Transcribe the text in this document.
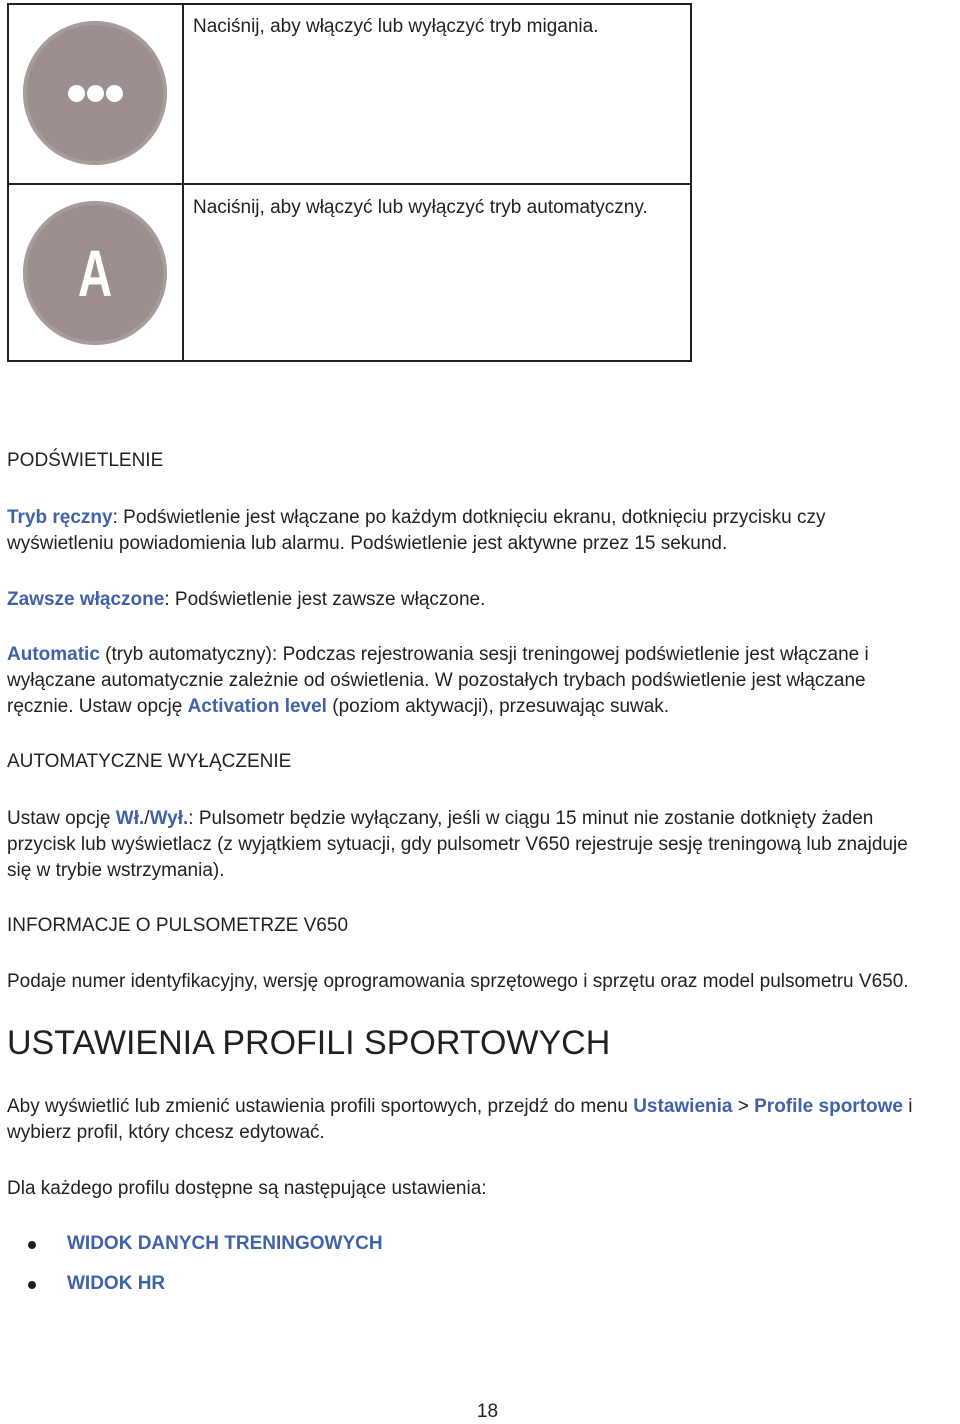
Naciśnij, aby włączyć lub wyłączyć tryb migania.
A
Naciśnij, aby włączyć lub wyłączyć tryb automatyczny.
PODŚWIETLENIE
Tryb ręczny: Podświetlenie jest włączane po każdym dotknięciu ekranu, dotknięciu przycisku czy
wyświetleniu powiadomienia lub alarmu. Podświetlenie jest aktywne przez 15 sekund.
Zawsze włączone: Podświetlenie jest zawsze włączone.
Automatic (tryb automatyczny): Podczas rejestrowania sesji treningowej podświetlenie jest włączane i
wyłączane automatycznie zależnie od oświetlenia. W pozostałych trybach podświetlenie jest włączane
ręcznie. Ustaw opcję Activation level (poziom aktywacji), przesuwając suwak.
AUTOMATYCZNE WYŁĄCZENIE
Ustaw opcję Wł./Wył.: Pulsometr będzie wyłączany, jeśli w ciągu 15 minut nie zostanie dotknięty żaden
przycisk lub wyświetlacz (z wyjątkiem sytuacji, gdy pulsometr V650 rejestruje sesję treningową lub znajduje
się w trybie wstrzymania).
INFORMACJE O PULSOMETRZE V650
Podaje numer identyfikacyjny, wersję oprogramowania sprzętowego i sprzętu oraz model pulsometru V650.
USTAWIENIA PROFILI SPORTOWYCH
Aby wyświetlić lub zmienić ustawienia profili sportowych, przejdź do menu Ustawienia > Profile sportowe i
wybierz profil, który chcesz edytować.
Dla każdego profilu dostępne są następujące ustawienia:
WIDOK DANYCH TRENINGOWYCH
WIDOK HR
18
